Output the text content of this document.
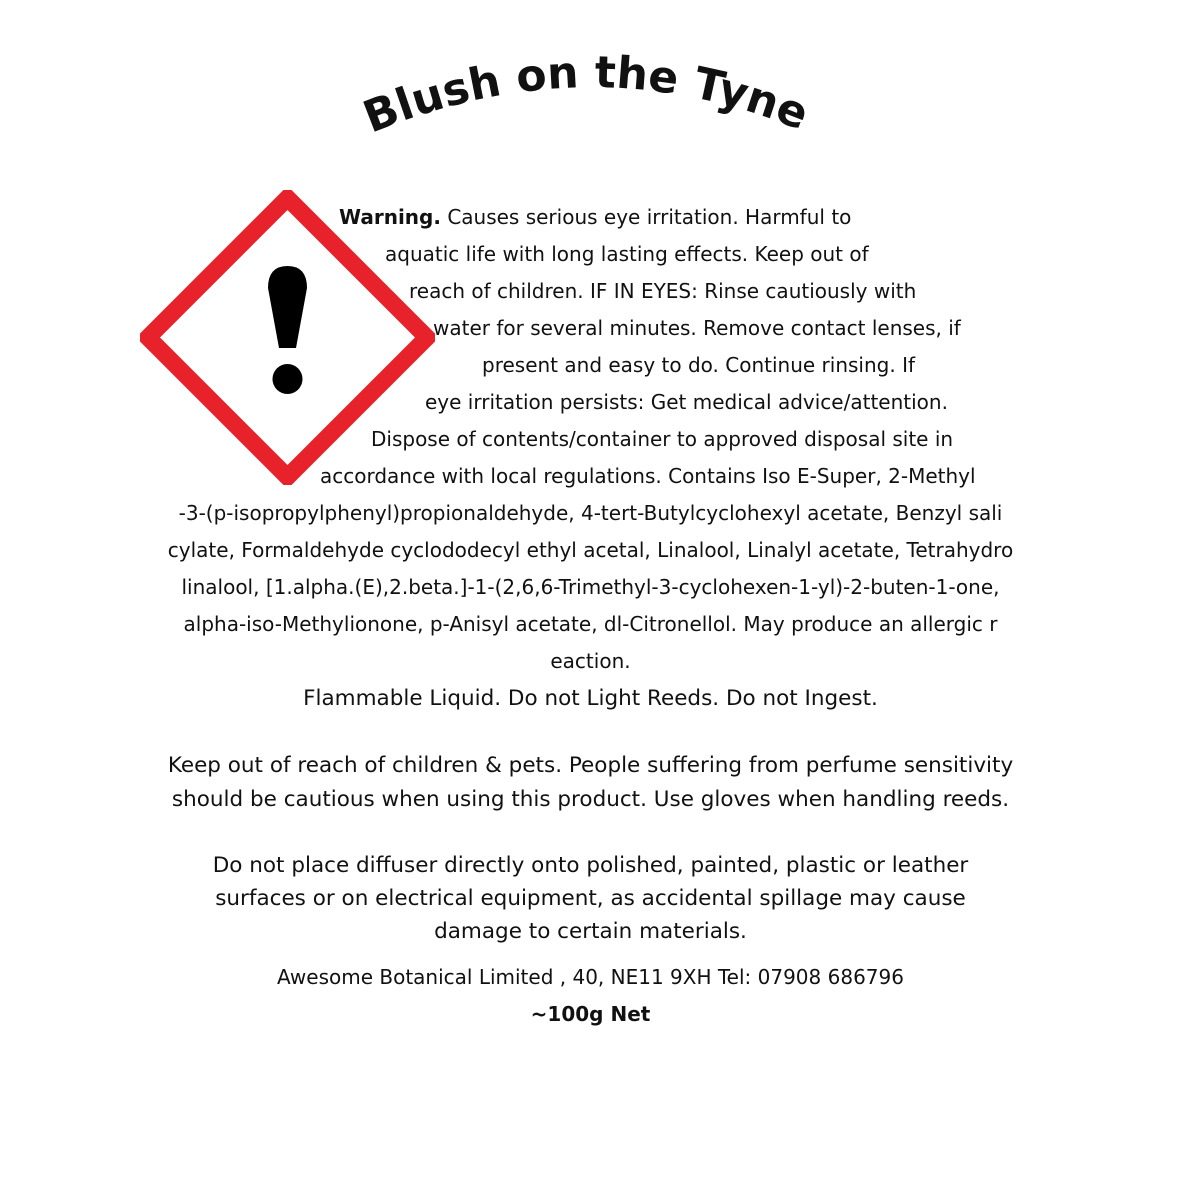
Blush on the Tyne
Warning. Causes serious eye irritation. Harmful to
aquatic life with long lasting effects. Keep out of
reach of children. IF IN EYES: Rinse cautiously with
water for several minutes. Remove contact lenses, if
present and easy to do. Continue rinsing. If
eye irritation persists: Get medical advice/attention.
Dispose of contents/container to approved disposal site in
accordance with local regulations. Contains Iso E-Super, 2-Methyl
-3-(p-isopropylphenyl)propionaldehyde, 4-tert-Butylcyclohexyl acetate, Benzyl sali
cylate, Formaldehyde cyclododecyl ethyl acetal, Linalool, Linalyl acetate, Tetrahydro
linalool, [1.alpha.(E),2.beta.]-1-(2,6,6-Trimethyl-3-cyclohexen-1-yl)-2-buten-1-one,
alpha-iso-Methylionone, p-Anisyl acetate, dl-Citronellol. May produce an allergic r
eaction.
Flammable Liquid. Do not Light Reeds. Do not Ingest.
Keep out of reach of children & pets. People suffering from perfume sensitivity
should be cautious when using this product. Use gloves when handling reeds.
Do not place diffuser directly onto polished, painted, plastic or leather
surfaces or on electrical equipment, as accidental spillage may cause
damage to certain materials.
Awesome Botanical Limited , 40, NE11 9XH Tel: 07908 686796
~100g Net
